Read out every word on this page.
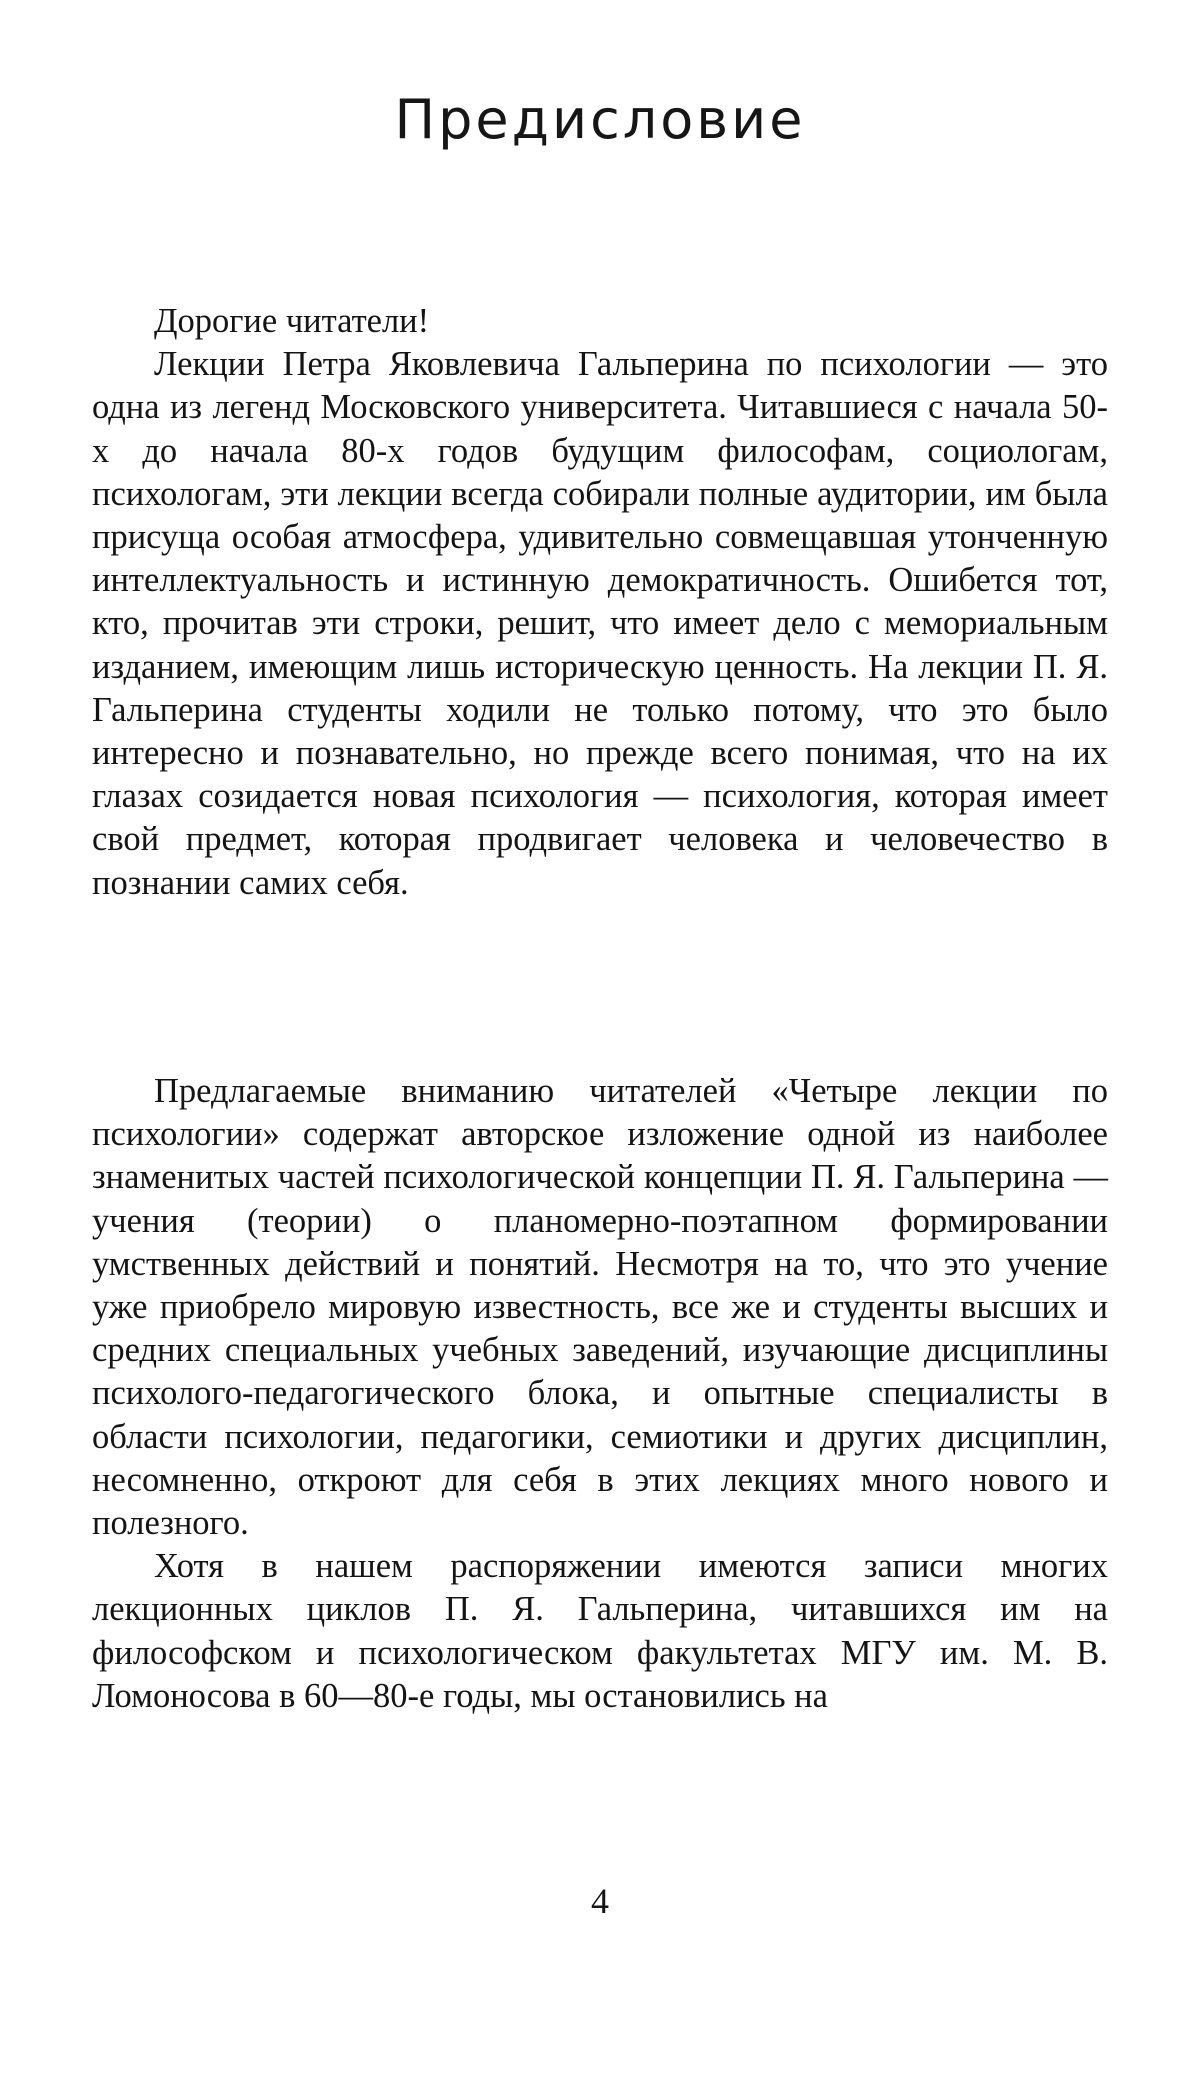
Предисловие

Дорогие читатели!

Лекции Петра Яковлевича Гальперина по психологии — это одна из легенд Московского университета. Читавшиеся с начала 50-х до начала 80-х годов будущим философам, социологам, психологам, эти лекции всегда собирали полные аудитории, им была присуща особая атмосфера, удивительно совмещавшая утонченную интеллектуальность и истинную демократичность. Ошибется тот, кто, прочитав эти строки, решит, что имеет дело с мемориальным изданием, имеющим лишь историческую ценность. На лекции П. Я. Гальперина студенты ходили не только потому, что это было интересно и познавательно, но прежде всего понимая, что на их глазах созидается новая психология — психология, которая имеет свой предмет, которая продвигает человека и человечество в познании самих себя.

Предлагаемые вниманию читателей «Четыре лекции по психологии» содержат авторское изложение одной из наиболее знаменитых частей психологической концепции П. Я. Гальперина — учения (теории) о планомерно-поэтапном формировании умственных действий и понятий. Несмотря на то, что это учение уже приобрело мировую известность, все же и студенты высших и средних специальных учебных заведений, изучающие дисциплины психолого-педагогического блока, и опытные специалисты в области психологии, педагогики, семиотики и других дисциплин, несомненно, откроют для себя в этих лекциях много нового и полезного.

Хотя в нашем распоряжении имеются записи многих лекционных циклов П. Я. Гальперина, читавшихся им на философском и психологическом факультетах МГУ им. М. В. Ломоносова в 60—80-е годы, мы остановились на

4
